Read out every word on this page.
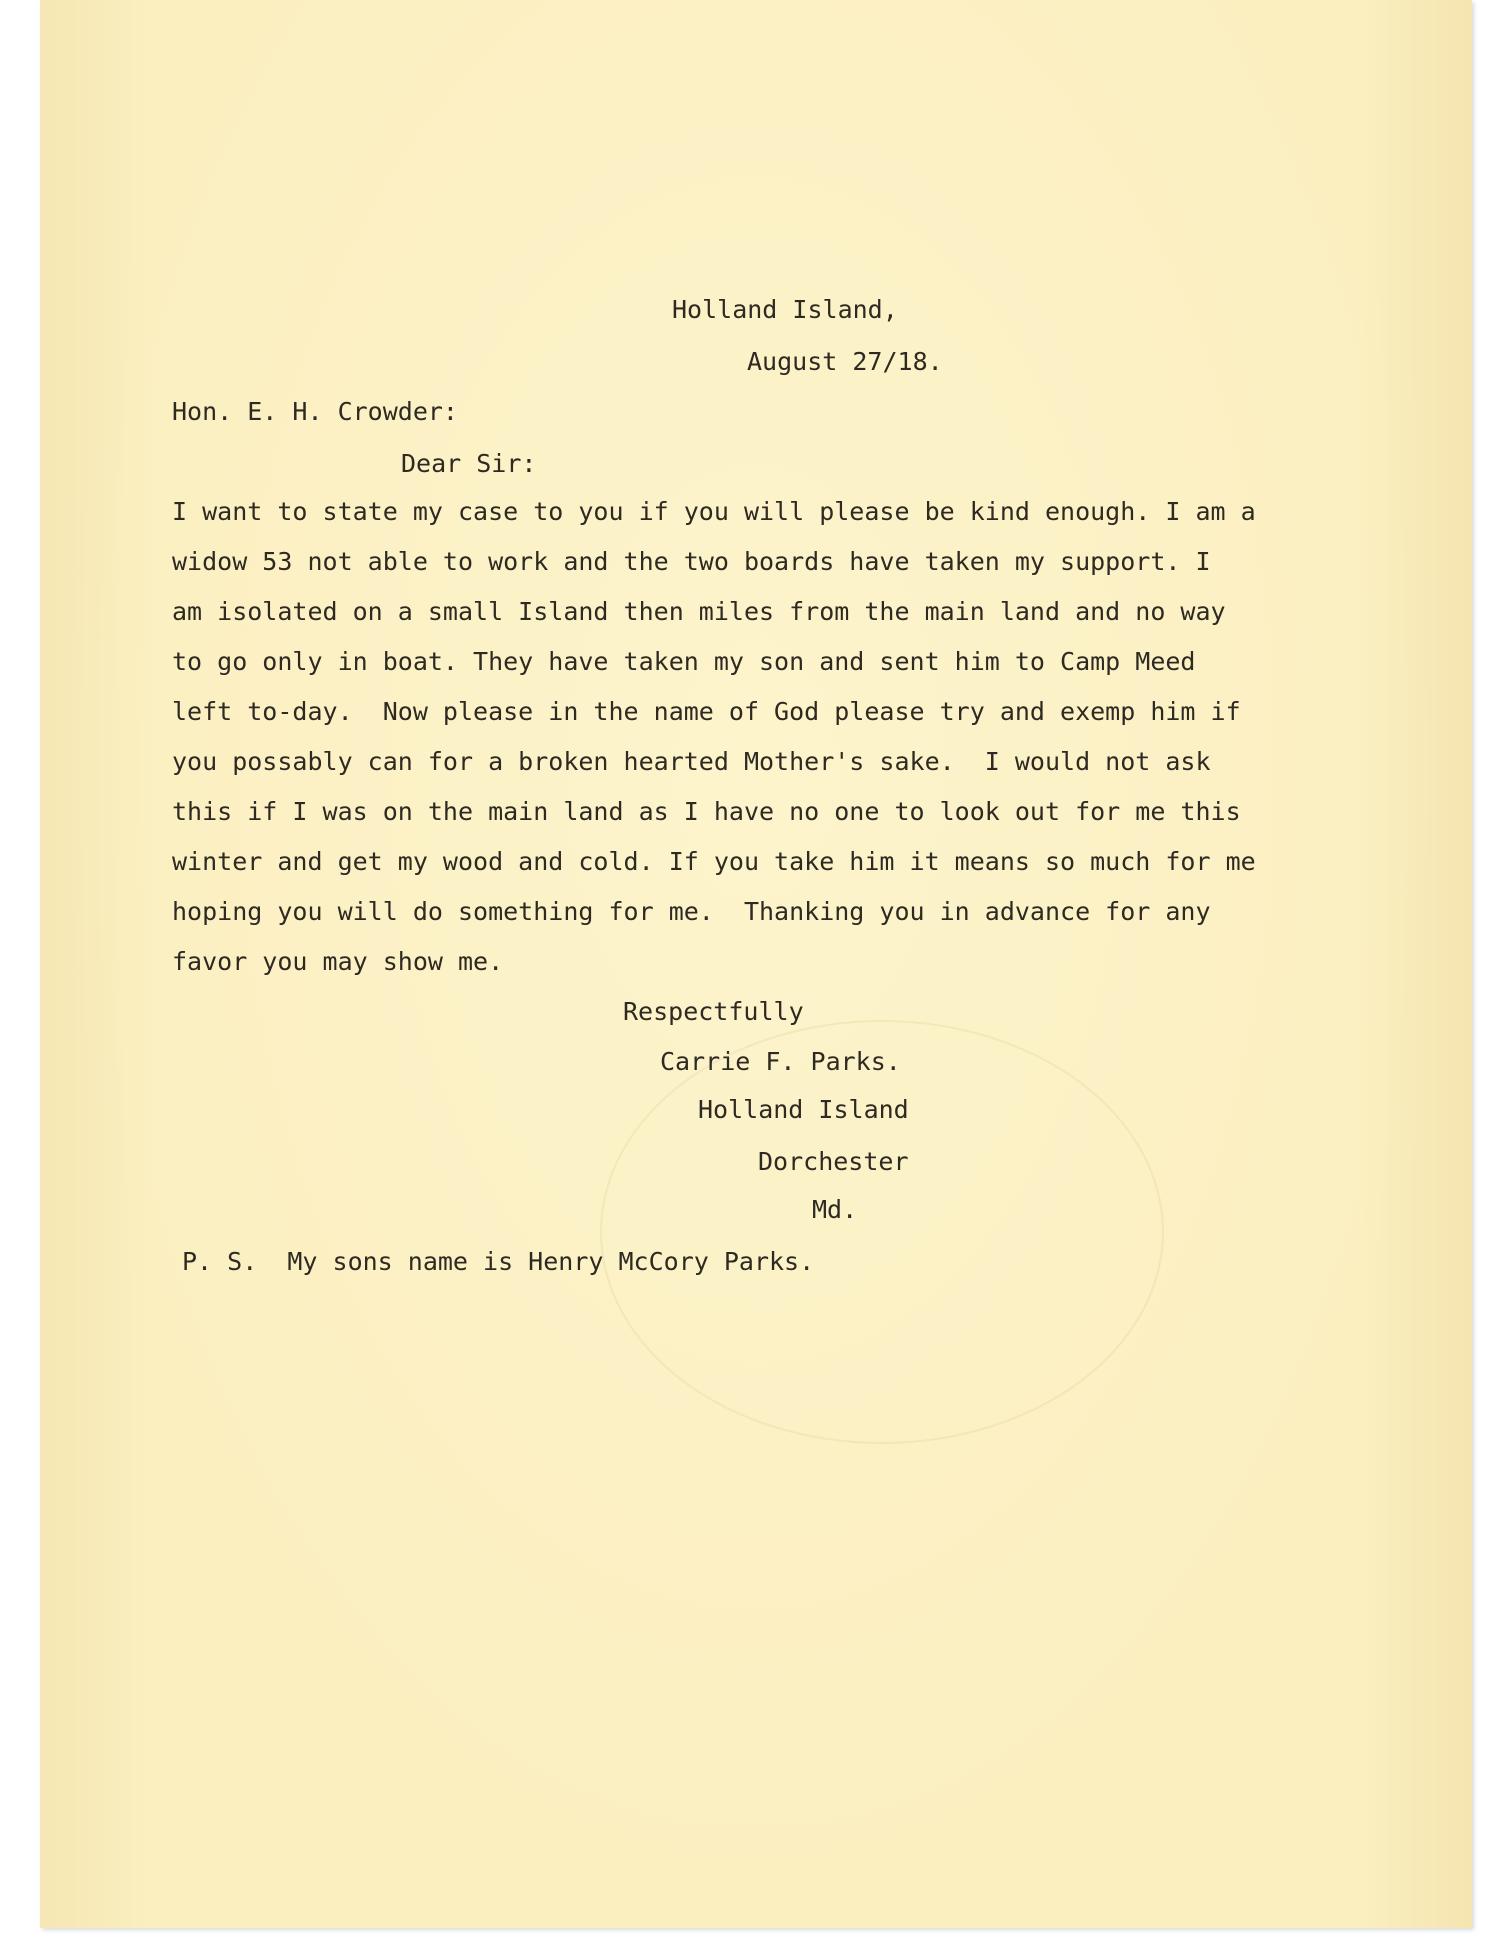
Holland Island,
August 27/18.
Hon. E. H. Crowder:
Dear Sir:
I want to state my case to you if you will please be kind enough. I am a
widow 53 not able to work and the two boards have taken my support. I
am isolated on a small Island then miles from the main land and no way
to go only in boat. They have taken my son and sent him to Camp Meed
left to-day.  Now please in the name of God please try and exemp him if
you possably can for a broken hearted Mother's sake.  I would not ask
this if I was on the main land as I have no one to look out for me this
winter and get my wood and cold. If you take him it means so much for me
hoping you will do something for me.  Thanking you in advance for any
favor you may show me.
Respectfully
Carrie F. Parks.
Holland Island
Dorchester
Md.
P. S.  My sons name is Henry McCory Parks.
